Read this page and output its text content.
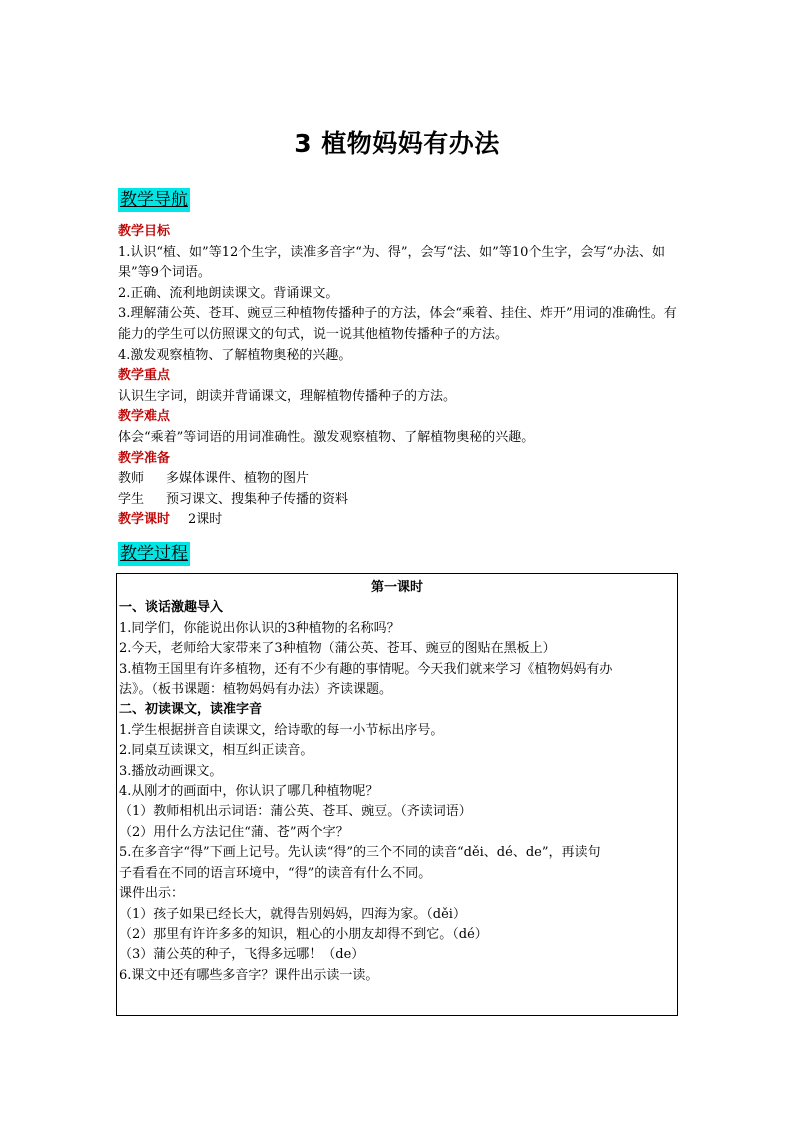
3 植物妈妈有办法
教学导航
教学目标
1.认识“植、如”等12个生字，读准多音字“为、得”，会写“法、如”等10个生字，会写“办法、如果”等9个词语。
2.正确、流利地朗读课文。背诵课文。
3.理解蒲公英、苍耳、豌豆三种植物传播种子的方法，体会“乘着、挂住、炸开”用词的准确性。有能力的学生可以仿照课文的句式，说一说其他植物传播种子的方法。
4.激发观察植物、了解植物奥秘的兴趣。
教学重点
认识生字词，朗读并背诵课文，理解植物传播种子的方法。
教学难点
体会“乘着”等词语的用词准确性。激发观察植物、了解植物奥秘的兴趣。
教学准备
教师 多媒体课件、植物的图片
学生 预习课文、搜集种子传播的资料
教学课时 2课时
教学过程
第一课时
一、谈话激趣导入
1.同学们，你能说出你认识的3种植物的名称吗？
2.今天，老师给大家带来了3种植物（蒲公英、苍耳、豌豆的图贴在黑板上）
3.植物王国里有许多植物，还有不少有趣的事情呢。今天我们就来学习《植物妈妈有办
法》。（板书课题：植物妈妈有办法）齐读课题。
二、初读课文，读准字音
1.学生根据拼音自读课文，给诗歌的每一小节标出序号。
2.同桌互读课文，相互纠正读音。
3.播放动画课文。
4.从刚才的画面中，你认识了哪几种植物呢？
（1）教师相机出示词语：蒲公英、苍耳、豌豆。（齐读词语）
（2）用什么方法记住“蒲、苍”两个字？
5.在多音字“得”下画上记号。先认读“得”的三个不同的读音“děi、dé、de”，再读句
子看看在不同的语言环境中，“得”的读音有什么不同。
课件出示：
（1）孩子如果已经长大，就得告别妈妈，四海为家。（děi）
（2）那里有许许多多的知识，粗心的小朋友却得不到它。（dé）
（3）蒲公英的种子，飞得多远哪！（de）
6.课文中还有哪些多音字？课件出示读一读。
